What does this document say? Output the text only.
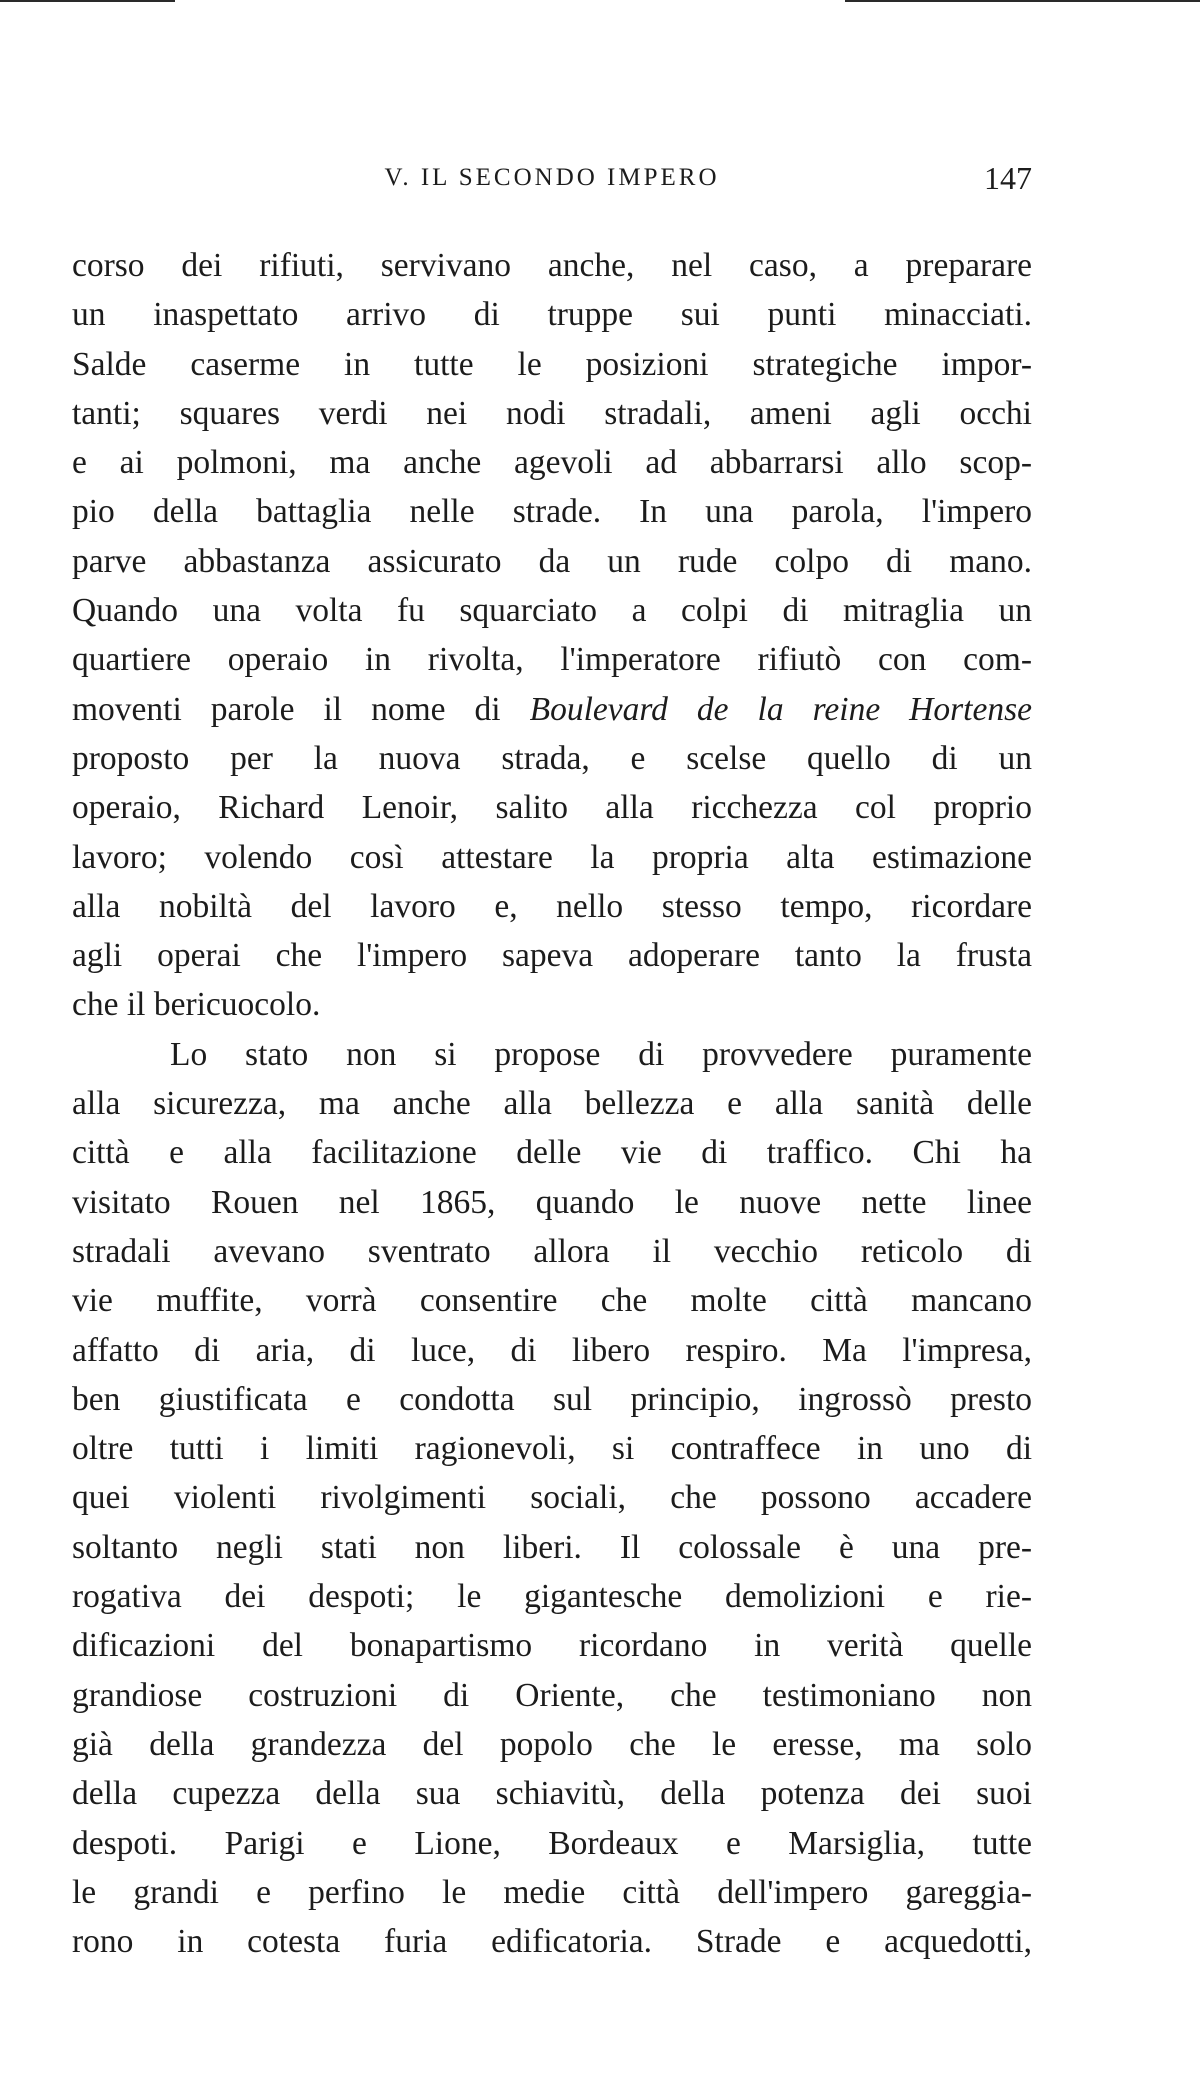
V. IL SECONDO IMPERO	147
corso dei rifiuti, servivano anche, nel caso, a preparare
un inaspettato arrivo di truppe sui punti minacciati.
Salde caserme in tutte le posizioni strategiche impor-
tanti; squares verdi nei nodi stradali, ameni agli occhi
e ai polmoni, ma anche agevoli ad abbarrarsi allo scop-
pio della battaglia nelle strade. In una parola, l'impero
parve abbastanza assicurato da un rude colpo di mano.
Quando una volta fu squarciato a colpi di mitraglia un
quartiere operaio in rivolta, l'imperatore rifiutò con com-
moventi parole il nome di Boulevard de la reine Hortense
proposto per la nuova strada, e scelse quello di un
operaio, Richard Lenoir, salito alla ricchezza col proprio
lavoro; volendo così attestare la propria alta estimazione
alla nobiltà del lavoro e, nello stesso tempo, ricordare
agli operai che l'impero sapeva adoperare tanto la frusta
che il bericuocolo.
Lo stato non si propose di provvedere puramente
alla sicurezza, ma anche alla bellezza e alla sanità delle
città e alla facilitazione delle vie di traffico. Chi ha
visitato Rouen nel 1865, quando le nuove nette linee
stradali avevano sventrato allora il vecchio reticolo di
vie muffite, vorrà consentire che molte città mancano
affatto di aria, di luce, di libero respiro. Ma l'impresa,
ben giustificata e condotta sul principio, ingrossò presto
oltre tutti i limiti ragionevoli, si contraffece in uno di
quei violenti rivolgimenti sociali, che possono accadere
soltanto negli stati non liberi. Il colossale è una pre-
rogativa dei despoti; le gigantesche demolizioni e rie-
dificazioni del bonapartismo ricordano in verità quelle
grandiose costruzioni di Oriente, che testimoniano non
già della grandezza del popolo che le eresse, ma solo
della cupezza della sua schiavitù, della potenza dei suoi
despoti. Parigi e Lione, Bordeaux e Marsiglia, tutte
le grandi e perfino le medie città dell'impero gareggia-
rono in cotesta furia edificatoria. Strade e acquedotti,
